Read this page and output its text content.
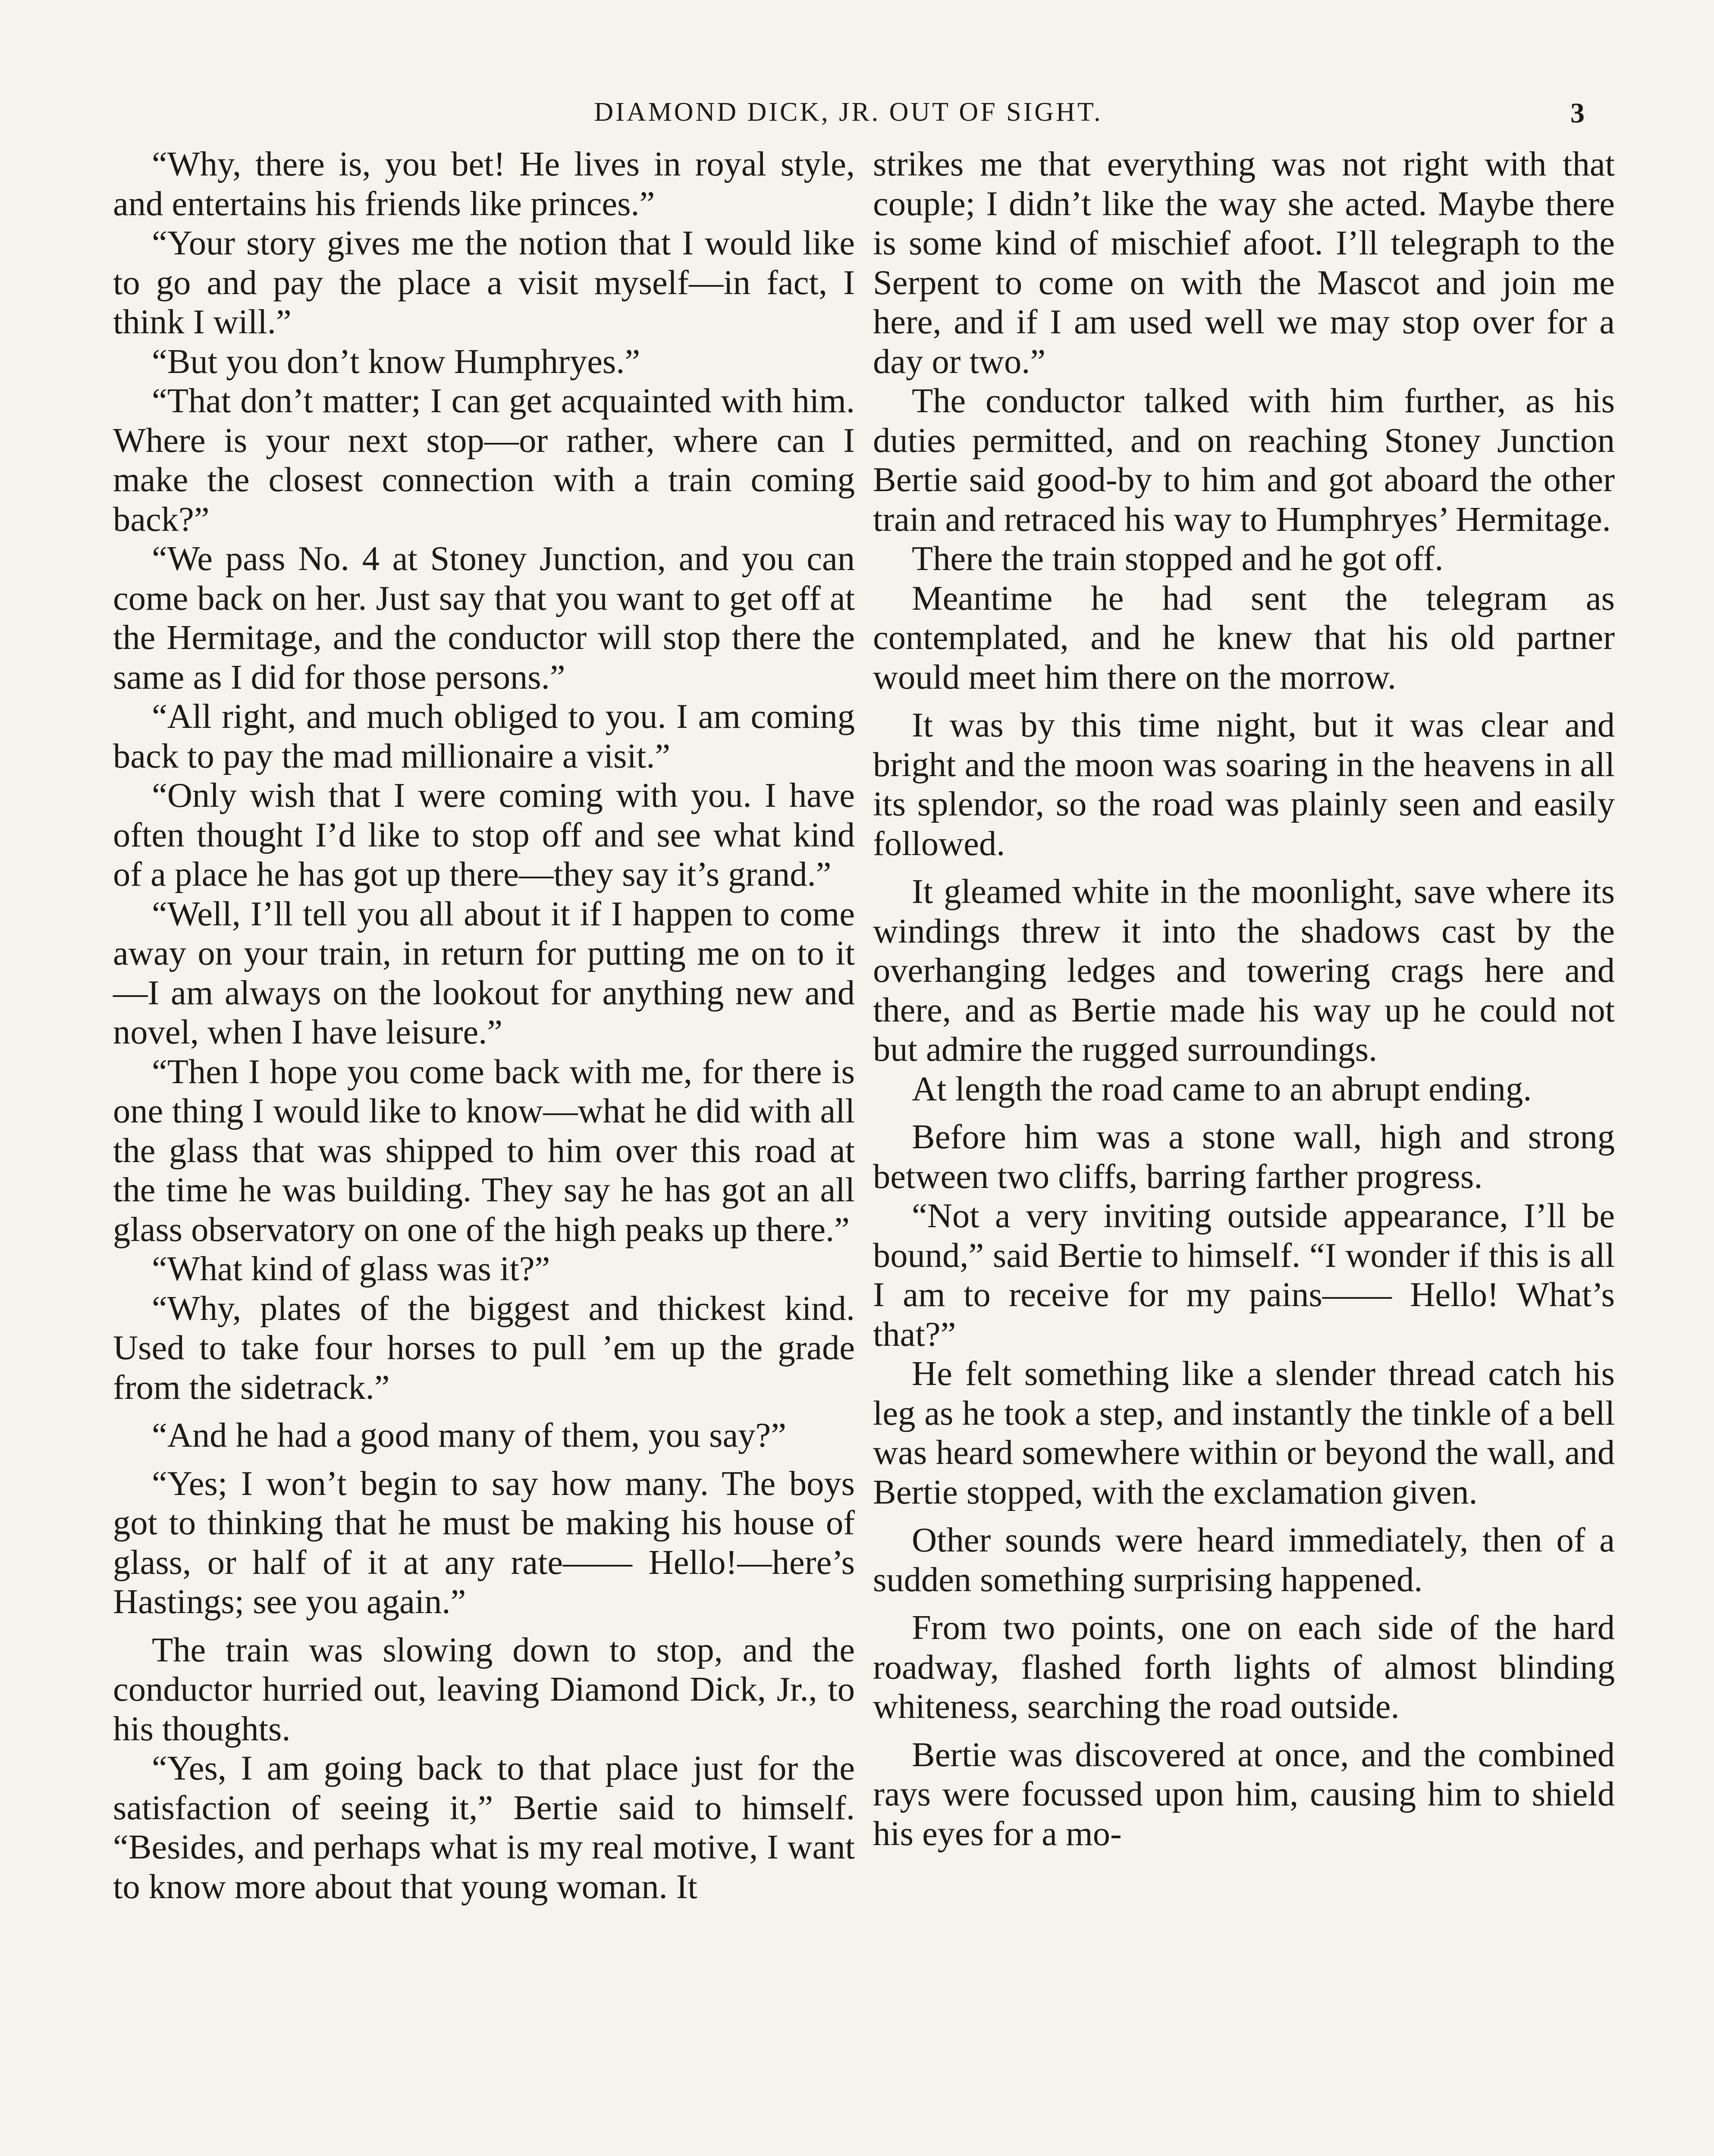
DIAMOND DICK, JR. OUT OF SIGHT.	3

“Why, there is, you bet! He lives in royal style, and entertains his friends like princes.”

“Your story gives me the notion that I would like to go and pay the place a visit myself—in fact, I think I will.”

“But you don’t know Humphryes.”

“That don’t matter; I can get acquainted with him. Where is your next stop—or rather, where can I make the closest connection with a train coming back?”

“We pass No. 4 at Stoney Junction, and you can come back on her. Just say that you want to get off at the Hermitage, and the conductor will stop there the same as I did for those persons.”

“All right, and much obliged to you. I am coming back to pay the mad millionaire a visit.”

“Only wish that I were coming with you. I have often thought I’d like to stop off and see what kind of a place he has got up there—they say it’s grand.”

“Well, I’ll tell you all about it if I happen to come away on your train, in return for putting me on to it—I am always on the lookout for anything new and novel, when I have leisure.”

“Then I hope you come back with me, for there is one thing I would like to know—what he did with all the glass that was shipped to him over this road at the time he was building. They say he has got an all glass observatory on one of the high peaks up there.”

“What kind of glass was it?”

“Why, plates of the biggest and thickest kind. Used to take four horses to pull ’em up the grade from the sidetrack.”

“And he had a good many of them, you say?”

“Yes; I won’t begin to say how many. The boys got to thinking that he must be making his house of glass, or half of it at any rate—— Hello!—here’s Hastings; see you again.”

The train was slowing down to stop, and the conductor hurried out, leaving Diamond Dick, Jr., to his thoughts.

“Yes, I am going back to that place just for the satisfaction of seeing it,” Bertie said to himself. “Besides, and perhaps what is my real motive, I want to know more about that young woman. It

strikes me that everything was not right with that couple; I didn’t like the way she acted. Maybe there is some kind of mischief afoot. I’ll telegraph to the Serpent to come on with the Mascot and join me here, and if I am used well we may stop over for a day or two.”

The conductor talked with him further, as his duties permitted, and on reaching Stoney Junction Bertie said good-by to him and got aboard the other train and retraced his way to Humphryes’ Hermitage.

There the train stopped and he got off.

Meantime he had sent the telegram as contemplated, and he knew that his old partner would meet him there on the morrow.

It was by this time night, but it was clear and bright and the moon was soaring in the heavens in all its splendor, so the road was plainly seen and easily followed.

It gleamed white in the moonlight, save where its windings threw it into the shadows cast by the overhanging ledges and towering crags here and there, and as Bertie made his way up he could not but admire the rugged surroundings.

At length the road came to an abrupt ending.

Before him was a stone wall, high and strong between two cliffs, barring farther progress.

“Not a very inviting outside appearance, I’ll be bound,” said Bertie to himself. “I wonder if this is all I am to receive for my pains—— Hello! What’s that?”

He felt something like a slender thread catch his leg as he took a step, and instantly the tinkle of a bell was heard somewhere within or beyond the wall, and Bertie stopped, with the exclamation given.

Other sounds were heard immediately, then of a sudden something surprising happened.

From two points, one on each side of the hard roadway, flashed forth lights of almost blinding whiteness, searching the road outside.

Bertie was discovered at once, and the combined rays were focussed upon him, causing him to shield his eyes for a mo-
